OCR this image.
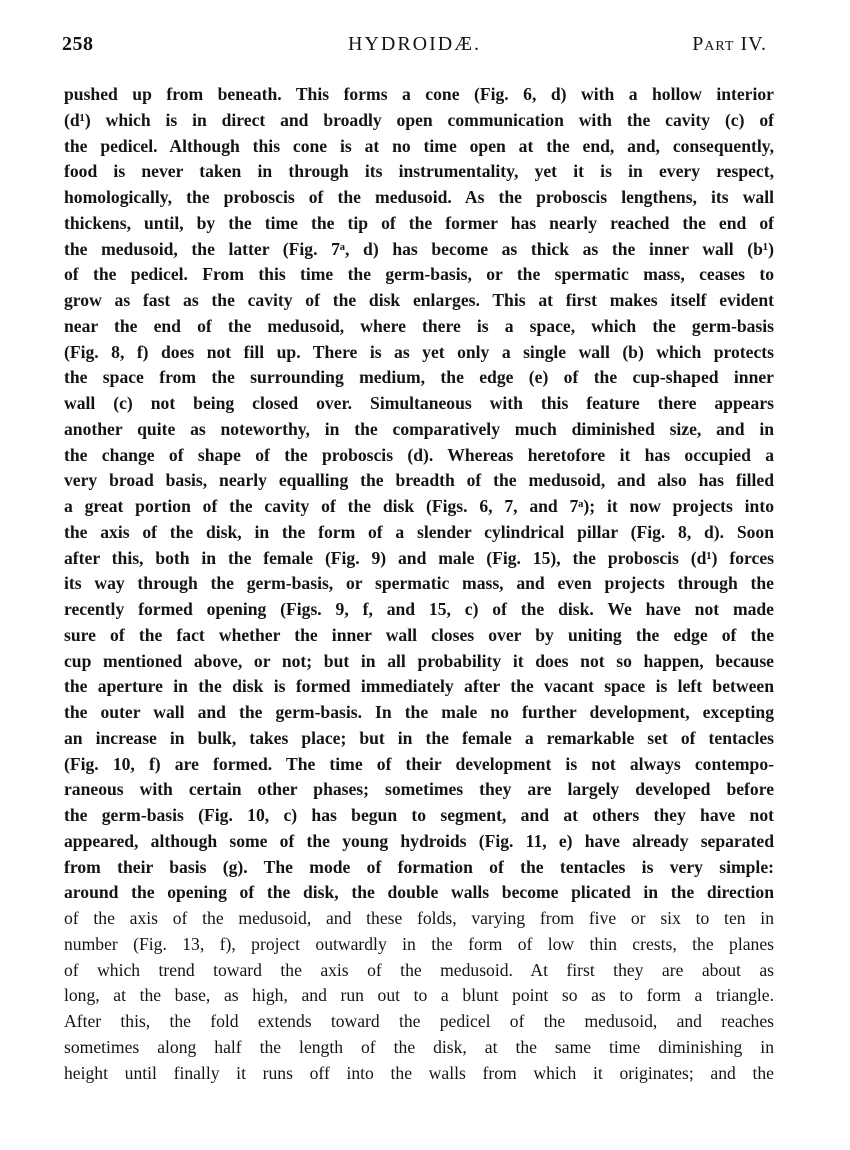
258	HYDROIDÆ.	Part IV.
pushed up from beneath. This forms a cone (Fig. 6, d) with a hollow interior
(d¹) which is in direct and broadly open communication with the cavity (c) of
the pedicel. Although this cone is at no time open at the end, and, consequently,
food is never taken in through its instrumentality, yet it is in every respect,
homologically, the proboscis of the medusoid. As the proboscis lengthens, its wall
thickens, until, by the time the tip of the former has nearly reached the end of
the medusoid, the latter (Fig. 7ᵃ, d) has become as thick as the inner wall (b¹)
of the pedicel. From this time the germ-basis, or the spermatic mass, ceases to
grow as fast as the cavity of the disk enlarges. This at first makes itself evident
near the end of the medusoid, where there is a space, which the germ-basis
(Fig. 8, f) does not fill up. There is as yet only a single wall (b) which protects
the space from the surrounding medium, the edge (e) of the cup-shaped inner
wall (c) not being closed over. Simultaneous with this feature there appears
another quite as noteworthy, in the comparatively much diminished size, and in
the change of shape of the proboscis (d). Whereas heretofore it has occupied a
very broad basis, nearly equalling the breadth of the medusoid, and also has filled
a great portion of the cavity of the disk (Figs. 6, 7, and 7ᵃ); it now projects into
the axis of the disk, in the form of a slender cylindrical pillar (Fig. 8, d). Soon
after this, both in the female (Fig. 9) and male (Fig. 15), the proboscis (d¹) forces
its way through the germ-basis, or spermatic mass, and even projects through the
recently formed opening (Figs. 9, f, and 15, c) of the disk. We have not made
sure of the fact whether the inner wall closes over by uniting the edge of the
cup mentioned above, or not; but in all probability it does not so happen, because
the aperture in the disk is formed immediately after the vacant space is left between
the outer wall and the germ-basis. In the male no further development, excepting
an increase in bulk, takes place; but in the female a remarkable set of tentacles
(Fig. 10, f) are formed. The time of their development is not always contempo-
raneous with certain other phases; sometimes they are largely developed before
the germ-basis (Fig. 10, c) has begun to segment, and at others they have not
appeared, although some of the young hydroids (Fig. 11, e) have already separated
from their basis (g). The mode of formation of the tentacles is very simple:
around the opening of the disk, the double walls become plicated in the direction
of the axis of the medusoid, and these folds, varying from five or six to ten in
number (Fig. 13, f), project outwardly in the form of low thin crests, the planes
of which trend toward the axis of the medusoid. At first they are about as
long, at the base, as high, and run out to a blunt point so as to form a triangle.
After this, the fold extends toward the pedicel of the medusoid, and reaches
sometimes along half the length of the disk, at the same time diminishing in
height until finally it runs off into the walls from which it originates; and the
